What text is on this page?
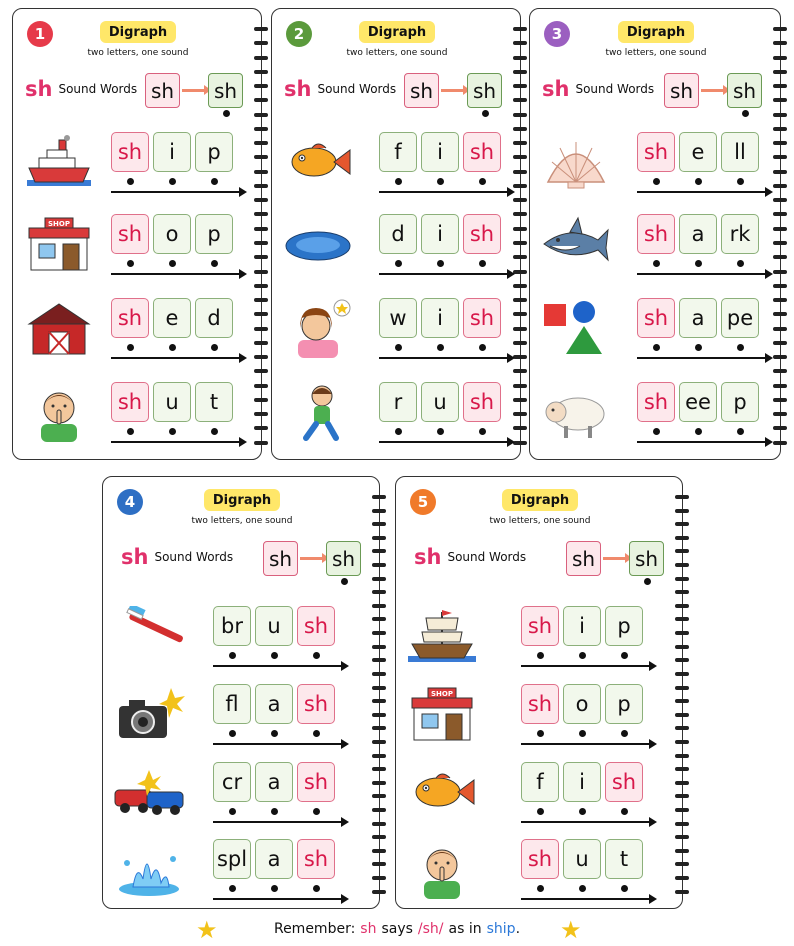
1	Digraph
two letters, one sound
sh Sound Words sh sh
sh	i	p
SHOP	sh	o	p
sh	e	d
sh	u	t
2	Digraph
two letters, one sound
sh Sound Words sh sh
f	i	sh
d	i	sh
w	i	sh
r	u	sh
3	Digraph
two letters, one sound
sh Sound Words sh sh
sh	e	ll
sh	a	rk
sh	a	pe
sh ee	p
4	Digraph
two letters, one sound
sh Sound Words sh sh
br	u	sh
fl	a	sh
cr	a	sh
spl a	sh
5	Digraph
two letters, one sound
sh Sound Words sh sh
sh	i	p
SHOP	sh	o	p
f	i	sh
sh	u	t
★	Remember: sh says /sh/ as in ship . ★
